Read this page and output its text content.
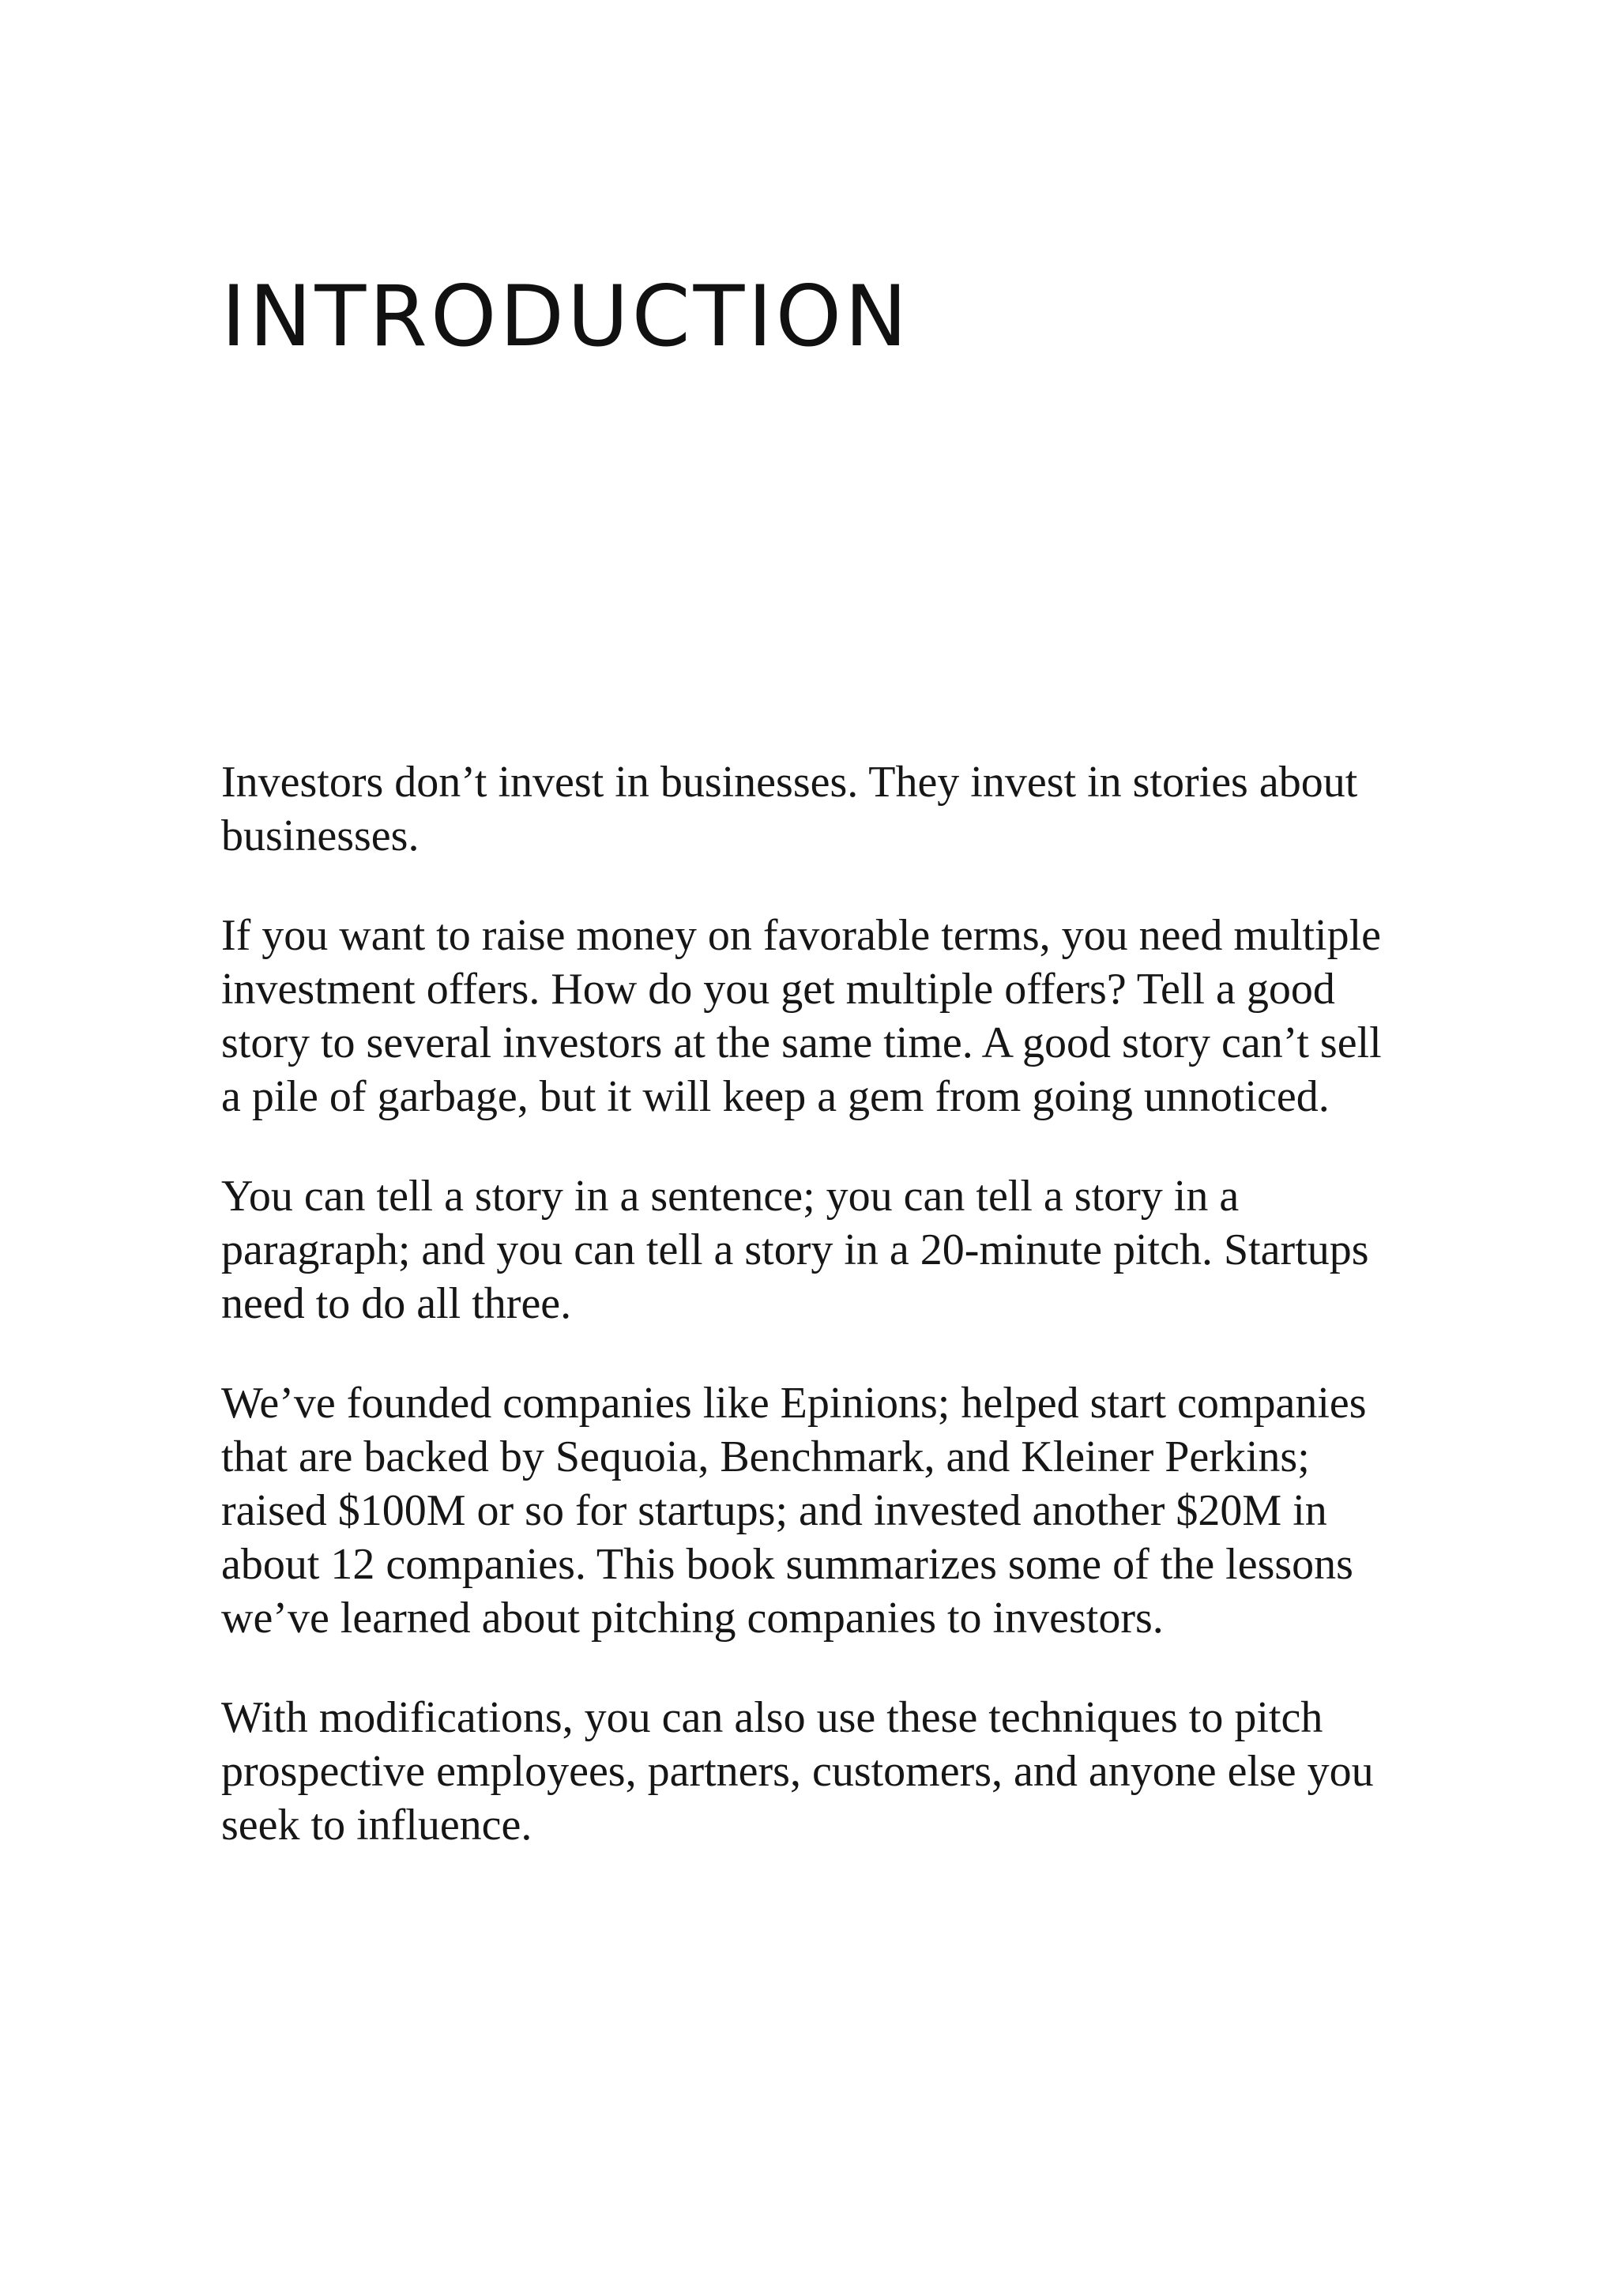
INTRODUCTION

Investors don’t invest in businesses. They invest in stories about businesses.

If you want to raise money on favorable terms, you need multiple investment offers. How do you get multiple offers? Tell a good story to several investors at the same time. A good story can’t sell a pile of garbage, but it will keep a gem from going unnoticed.

You can tell a story in a sentence; you can tell a story in a paragraph; and you can tell a story in a 20-minute pitch. Startups need to do all three.

We’ve founded companies like Epinions; helped start companies that are backed by Sequoia, Benchmark, and Kleiner Perkins; raised $100M or so for startups; and invested another $20M in about 12 companies. This book summarizes some of the lessons we’ve learned about pitching companies to investors.

With modifications, you can also use these techniques to pitch prospective employees, partners, customers, and anyone else you seek to influence.
